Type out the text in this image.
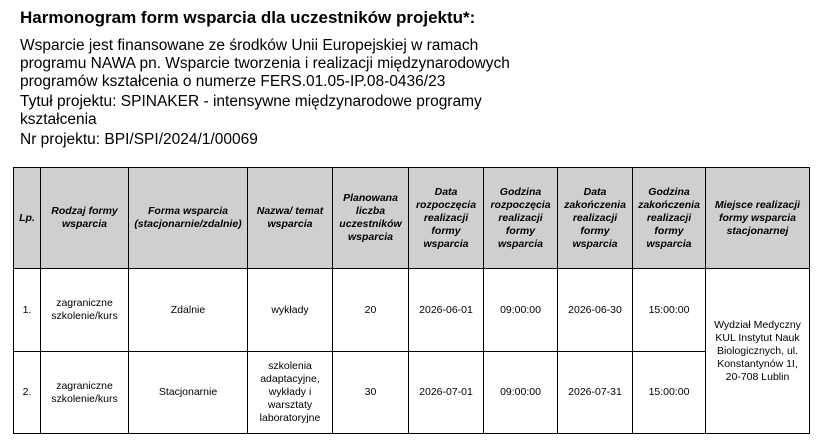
Harmonogram form wsparcia dla uczestników projektu*:

Wsparcie jest finansowane ze środków Unii Europejskiej w ramach

programu NAWA pn. Wsparcie tworzenia i realizacji międzynarodowych

programów kształcenia o numerze FERS.01.05-IP.08-0436/23

Tytuł projektu: SPINAKER - intensywne międzynarodowe programy

kształcenia

Nr projektu: BPI/SPI/2024/1/00069

Lp.	Rodzaj formy wsparcia	Forma wsparcia (stacjonarnie/zdalnie)	Nazwa/ temat wsparcia	Planowana liczba uczestników wsparcia	Data rozpoczęcia realizacji formy wsparcia	Godzina rozpoczęcia realizacji formy wsparcia	Data zakończenia realizacji formy wsparcia	Godzina zakończenia realizacji formy wsparcia	Miejsce realizacji formy wsparcia stacjonarnej
1.	zagraniczne szkolenie/kurs	Zdalnie	wykłady	20	2026-06-01	09:00:00	2026-06-30	15:00:00	Wydział Medyczny KUL Instytut Nauk Biologicznych, ul. Konstantynów 1I, 20-708 Lublin
2.	zagraniczne szkolenie/kurs	Stacjonarnie	szkolenia adaptacyjne, wykłady i warsztaty laboratoryjne	30	2026-07-01	09:00:00	2026-07-31	15:00:00	
